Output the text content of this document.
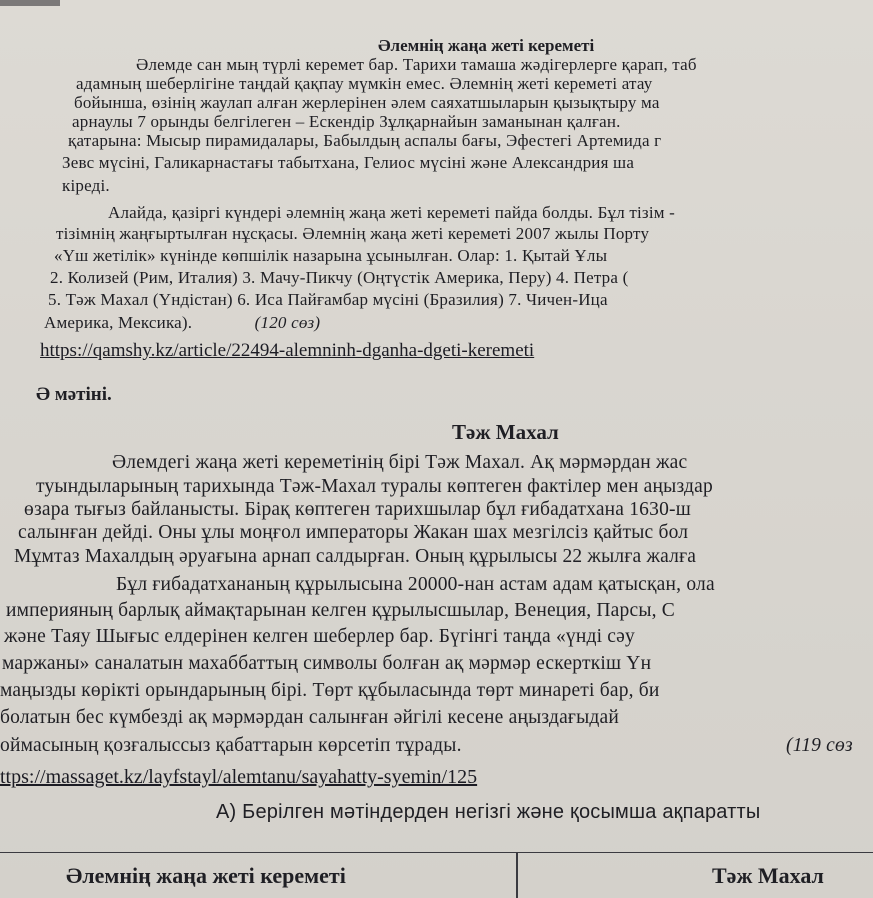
Әлемнің жаңа жеті кереметі
Әлемде сан мың түрлі керемет бар. Тарихи тамаша жәдігерлерге қарап, таб
адамның шеберлігіне таңдай қақпау мүмкін емес. Әлемнің жеті кереметі атау
бойынша, өзінің жаулап алған жерлерінен әлем саяхатшыларын қызықтыру ма
арнаулы 7 орынды белгілеген – Ескендір Зұлқарнайын заманынан қалған.
қатарына: Мысыр пирамидалары, Бабылдың аспалы бағы, Эфестегі Артемида г
Зевс мүсіні, Галикарнастағы табытхана, Гелиос мүсіні және Александрия ша
кіреді.
Алайда, қазіргі күндері әлемнің жаңа жеті кереметі пайда болды. Бұл тізім -
тізімнің жаңғыртылған нұсқасы. Әлемнің жаңа жеті кереметі 2007 жылы Порту
«Үш жетілік» күнінде көпшілік назарына ұсынылған. Олар: 1. Қытай Ұлы
2. Колизей (Рим, Италия) 3. Мачу-Пикчу (Оңтүстік Америка, Перу) 4. Петра (
5. Тәж Махал (Үндістан) 6. Иса Пайғамбар мүсіні (Бразилия) 7. Чичен-Ица
Америка, Мексика).	(120 сөз)
https://qamshy.kz/article/22494-alemninh-dganha-dgeti-keremeti
Ә мәтіні.
Тәж Махал
Әлемдегі жаңа жеті кереметінің бірі Тәж Махал. Ақ мәрмәрдан жас
туындыларының тарихында Тәж-Махал туралы көптеген фактілер мен аңыздар
өзара тығыз байланысты. Бірақ көптеген тарихшылар бұл ғибадатхана 1630-ш
салынған дейді. Оны ұлы моңғол императоры Жакан шах мезгілсіз қайтыс бол
Мұмтаз Махалдың әруағына арнап салдырған. Оның құрылысы 22 жылға жалға
Бұл ғибадатхананың құрылысына 20000-нан астам адам қатысқан, ола
империяның барлық аймақтарынан келген құрылысшылар, Венеция, Парсы, С
және Таяу Шығыс елдерінен келген шеберлер бар. Бүгінгі таңда «үнді сәу
маржаны» саналатын махаббаттың символы болған ақ мәрмәр ескерткіш Үн
маңызды көрікті орындарының бірі. Төрт құбыласында төрт минареті бар, би
болатын бес күмбезді ақ мәрмәрдан салынған әйгілі кесене аңыздағыдай
оймасының қозғалыссыз қабаттарын көрсетіп тұрады.	(119 сөз
ttps://massaget.kz/layfstayl/alemtanu/sayahatty-syemin/125
А) Берілген мәтіндерден негізгі және қосымша ақпаратты
Әлемнің жаңа жеті кереметі	Тәж Махал
